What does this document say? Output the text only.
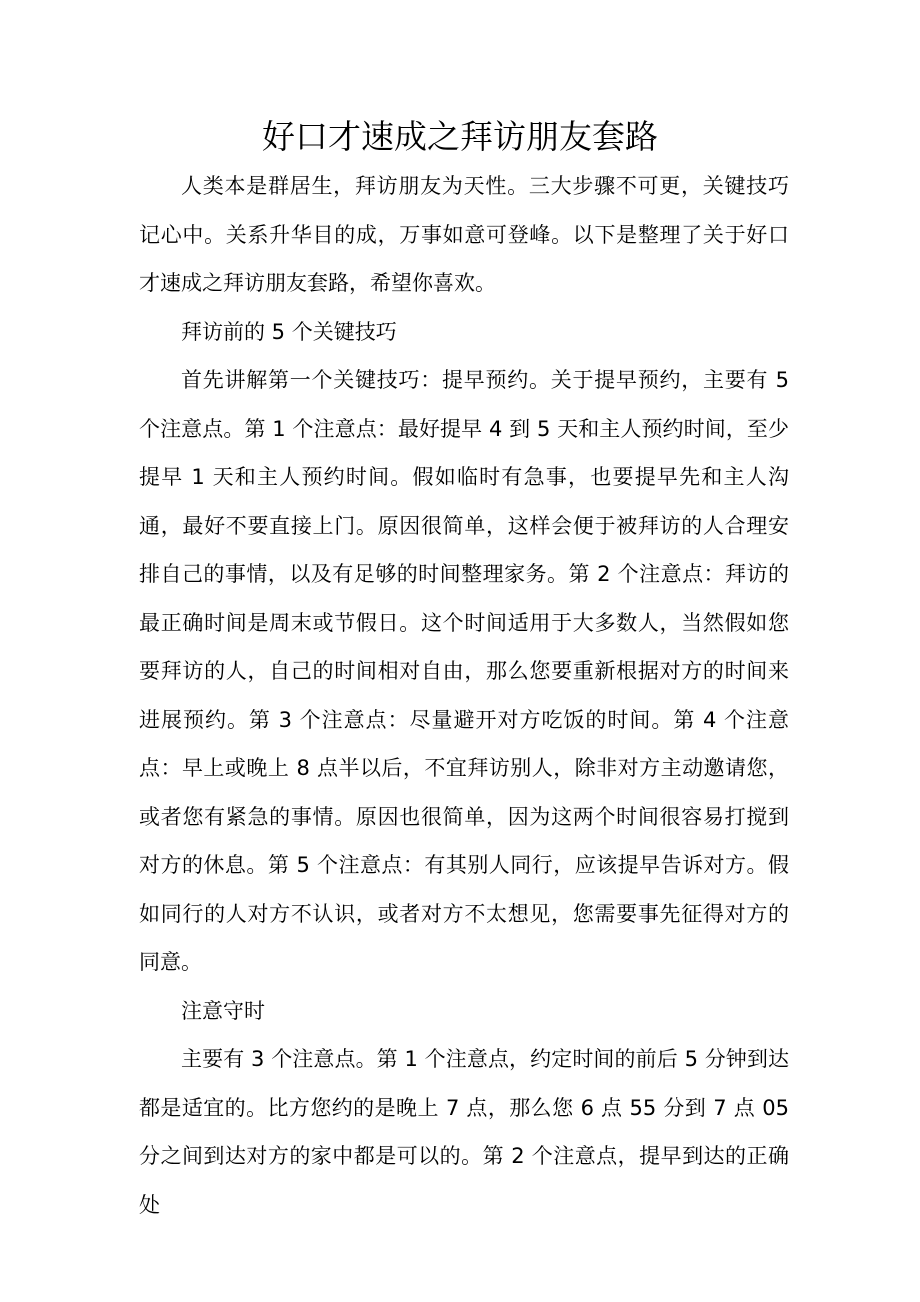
好口才速成之拜访朋友套路

人类本是群居生，拜访朋友为天性。三大步骤不可更，关键技巧记心中。关系升华目的成，万事如意可登峰。以下是整理了关于好口才速成之拜访朋友套路，希望你喜欢。

拜访前的 5 个关键技巧

首先讲解第一个关键技巧：提早预约。关于提早预约，主要有 5 个注意点。第 1 个注意点：最好提早 4 到 5 天和主人预约时间，至少提早 1 天和主人预约时间。假如临时有急事，也要提早先和主人沟通，最好不要直接上门。原因很简单，这样会便于被拜访的人合理安排自己的事情，以及有足够的时间整理家务。第 2 个注意点：拜访的最正确时间是周末或节假日。这个时间适用于大多数人，当然假如您要拜访的人，自己的时间相对自由，那么您要重新根据对方的时间来进展预约。第 3 个注意点：尽量避开对方吃饭的时间。第 4 个注意点：早上或晚上 8 点半以后，不宜拜访别人，除非对方主动邀请您，或者您有紧急的事情。原因也很简单，因为这两个时间很容易打搅到对方的休息。第 5 个注意点：有其别人同行，应该提早告诉对方。假如同行的人对方不认识，或者对方不太想见，您需要事先征得对方的同意。

注意守时

主要有 3 个注意点。第 1 个注意点，约定时间的前后 5 分钟到达都是适宜的。比方您约的是晚上 7 点，那么您 6 点 55 分到 7 点 05 分之间到达对方的家中都是可以的。第 2 个注意点，提早到达的正确处
